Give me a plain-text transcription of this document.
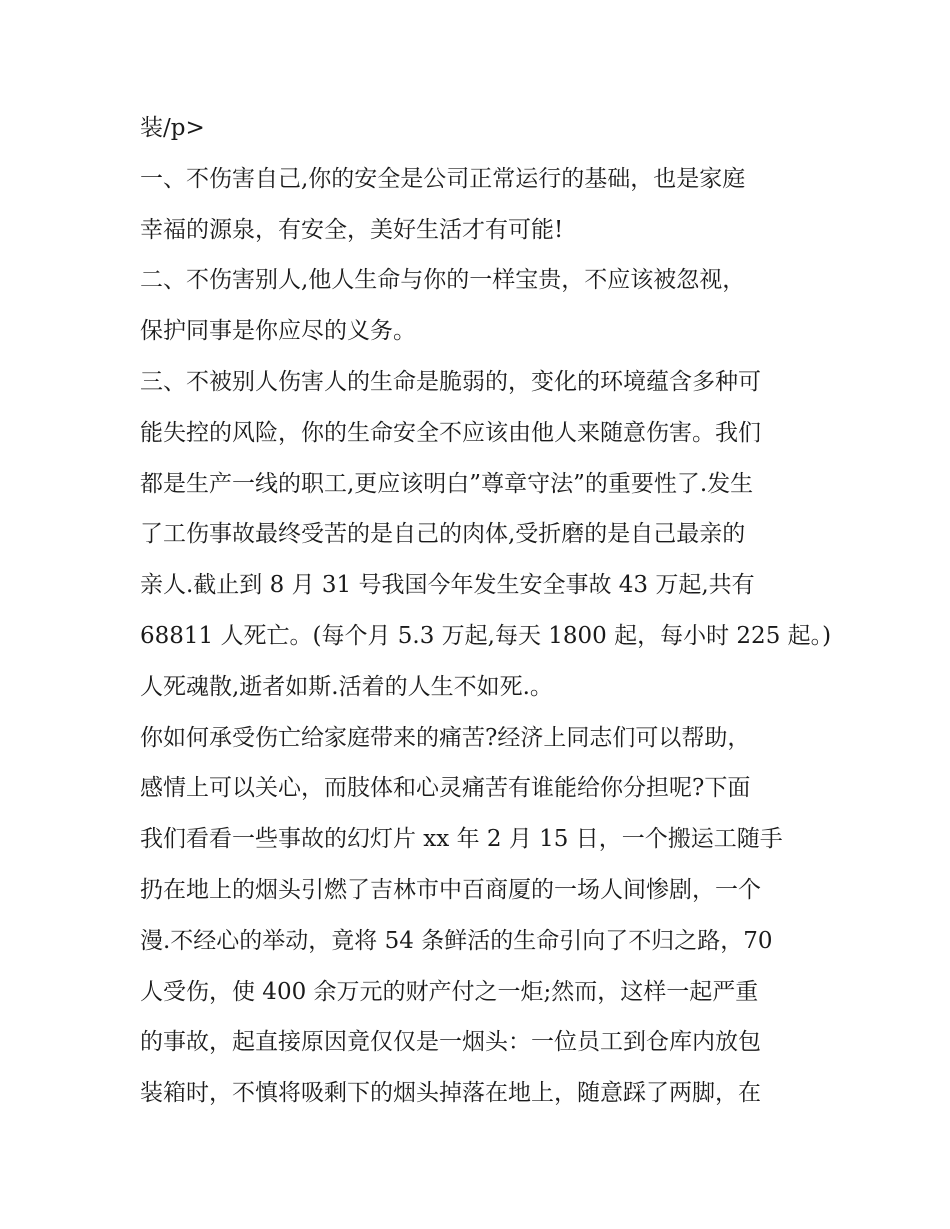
装/p>
一、不伤害自己,你的安全是公司正常运行的基础，也是家庭
幸福的源泉，有安全，美好生活才有可能!
二、不伤害别人,他人生命与你的一样宝贵，不应该被忽视，
保护同事是你应尽的义务。
三、不被别人伤害人的生命是脆弱的，变化的环境蕴含多种可
能失控的风险，你的生命安全不应该由他人来随意伤害。我们
都是生产一线的职工,更应该明白”尊章守法”的重要性了.发生
了工伤事故最终受苦的是自己的肉体,受折磨的是自己最亲的
亲人.截止到 8 月 31 号我国今年发生安全事故 43 万起,共有
68811 人死亡。(每个月 5.3 万起,每天 1800 起，每小时 225 起。)
人死魂散,逝者如斯.活着的人生不如死.。
你如何承受伤亡给家庭带来的痛苦?经济上同志们可以帮助，
感情上可以关心，而肢体和心灵痛苦有谁能给你分担呢?下面
我们看看一些事故的幻灯片 xx 年 2 月 15 日，一个搬运工随手
扔在地上的烟头引燃了吉林市中百商厦的一场人间惨剧，一个
漫.不经心的举动，竟将 54 条鲜活的生命引向了不归之路，70
人受伤，使 400 余万元的财产付之一炬;然而，这样一起严重
的事故，起直接原因竟仅仅是一烟头：一位员工到仓库内放包
装箱时，不慎将吸剩下的烟头掉落在地上，随意踩了两脚，在
